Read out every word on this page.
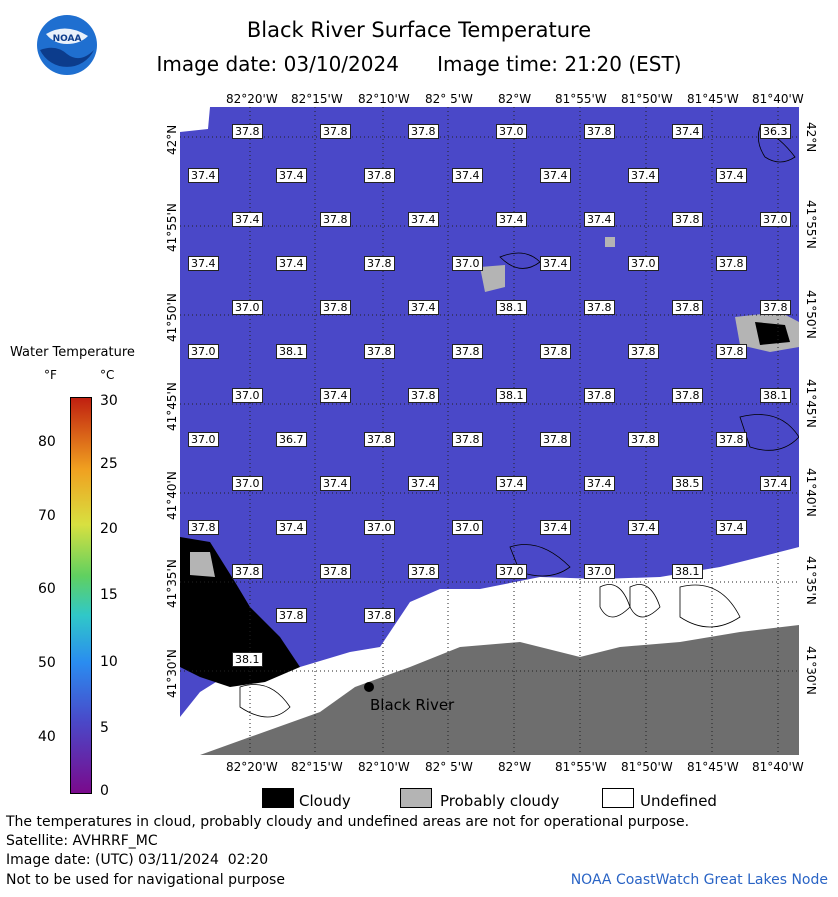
NOAA	Black River Surface Temperature
Image date: 03/10/2024 Image time: 21:20 (EST)
Black River
37.8	37.8	37.8	37.0	37.8	37.4	36.3
37.4	37.4	37.8	37.4	37.4	37.4	37.4
37.4	37.8	37.4	37.4	37.4	37.8	37.0
37.4	37.4	37.8	37.0	37.4	37.0	37.8
37.0	37.8	37.4	38.1	37.8	37.8	37.8
37.0	38.1	37.8	37.8	37.8	37.8	37.8
37.0	37.4	37.8	38.1	37.8	37.8	38.1
37.0	36.7	37.8	37.8	37.8	37.8	37.8
37.0	37.4	37.4	37.4	37.4	38.5	37.4
37.8	37.4	37.0	37.0	37.4	37.4	37.4
37.8	37.8	37.8	37.0	37.0	38.1
37.8	37.8
38.1
82°20'W 82°15'W 82°10'W 82° 5'W 82°W 81°55'W 81°50'W 81°45'W 81°40'W
82°20'W 82°15'W 82°10'W 82° 5'W 82°W 81°55'W 81°50'W 81°45'W 81°40'W
42°N
41°55'N
41°50'N
41°45'N
41°40'N
41°35'N
41°30'N
42°N
41°55'N
41°50'N
41°45'N
41°40'N
41°35'N
41°30'N
Water Temperature
°F	°C
80
70
60
50
40
30
25
20
15
10
5
0
Cloudy	Probably cloudy	Undefined
The temperatures in cloud, probably cloudy and undefined areas are not for operational purpose.
Satellite: AVHRRF_MC
Image date: (UTC) 03/11/2024  02:20
Not to be used for navigational purpose	NOAA CoastWatch Great Lakes Node
